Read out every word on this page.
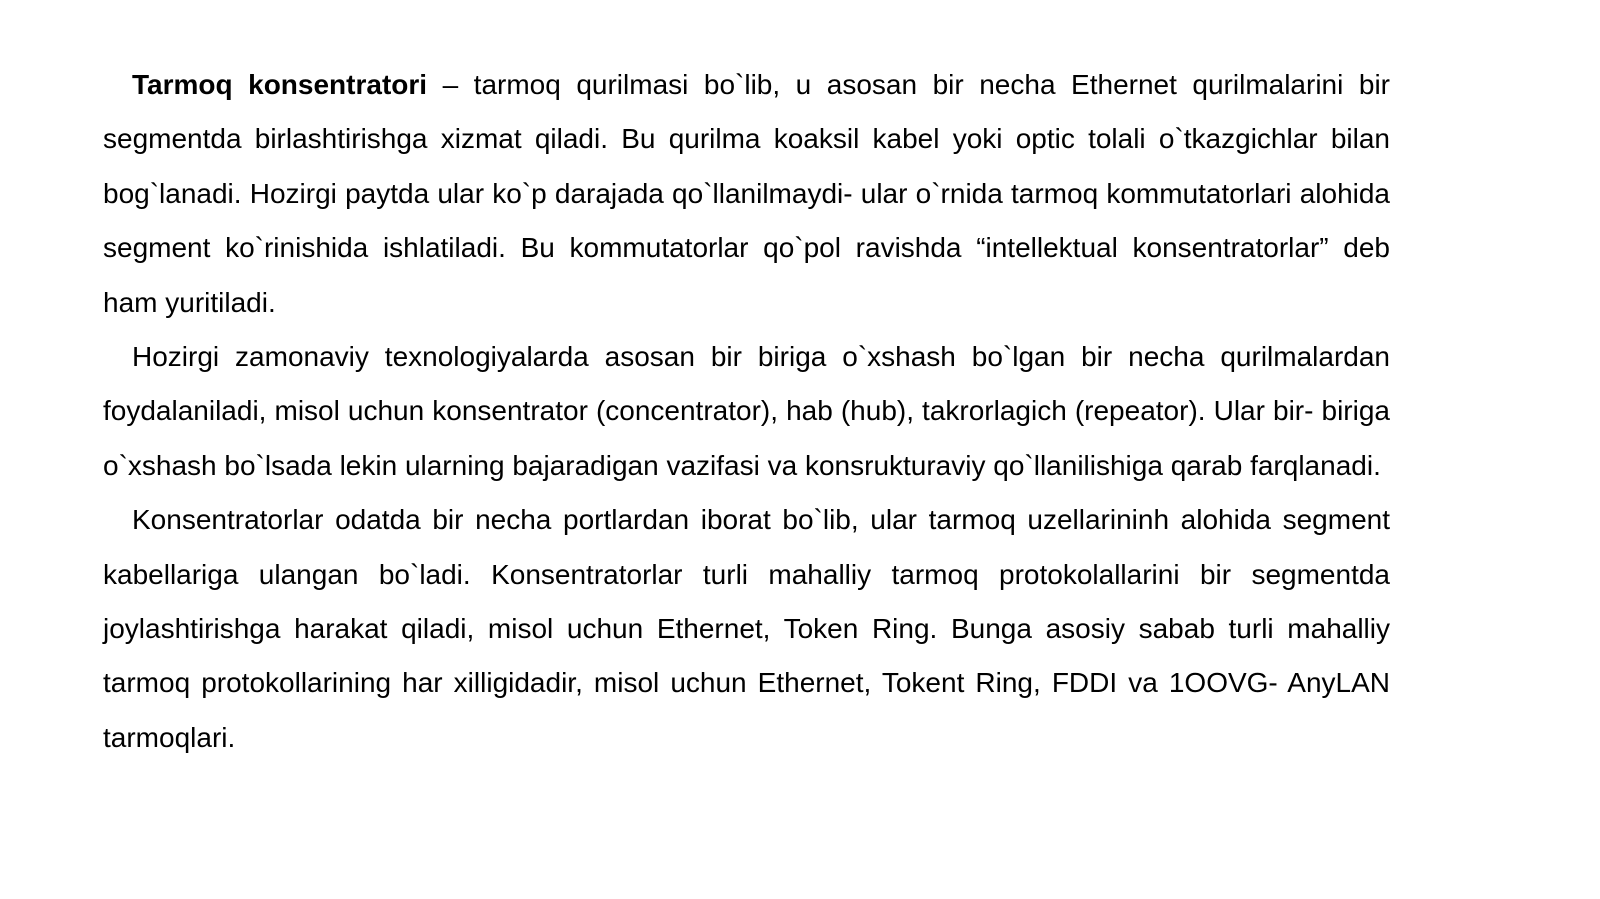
Tarmoq konsentratori – tarmoq qurilmasi bo`lib, u asosan bir necha Ethernet qurilmalarini bir segmentda birlashtirishga xizmat qiladi. Bu qurilma koaksil kabel yoki optic tolali o`tkazgichlar bilan bog`lanadi. Hozirgi paytda ular ko`p darajada qo`llanilmaydi- ular o`rnida tarmoq kommutatorlari alohida segment ko`rinishida ishlatiladi. Bu kommutatorlar qo`pol ravishda “intellektual konsentratorlar” deb ham yuritiladi.

Hozirgi zamonaviy texnologiyalarda asosan bir biriga o`xshash bo`lgan bir necha qurilmalardan foydalaniladi, misol uchun konsentrator (concentrator), hab (hub), takrorlagich (repeator). Ular bir- biriga o`xshash bo`lsada lekin ularning bajaradigan vazifasi va konsrukturaviy qo`llanilishiga qarab farqlanadi.

Konsentratorlar odatda bir necha portlardan iborat bo`lib, ular tarmoq uzellarininh alohida segment kabellariga ulangan bo`ladi. Konsentratorlar turli mahalliy tarmoq protokolallarini bir segmentda joylashtirishga harakat qiladi, misol uchun Ethernet, Token Ring. Bunga asosiy sabab turli mahalliy tarmoq protokollarining har xilligidadir, misol uchun Ethernet, Tokent Ring, FDDI va 1OOVG- AnyLAN tarmoqlari.
